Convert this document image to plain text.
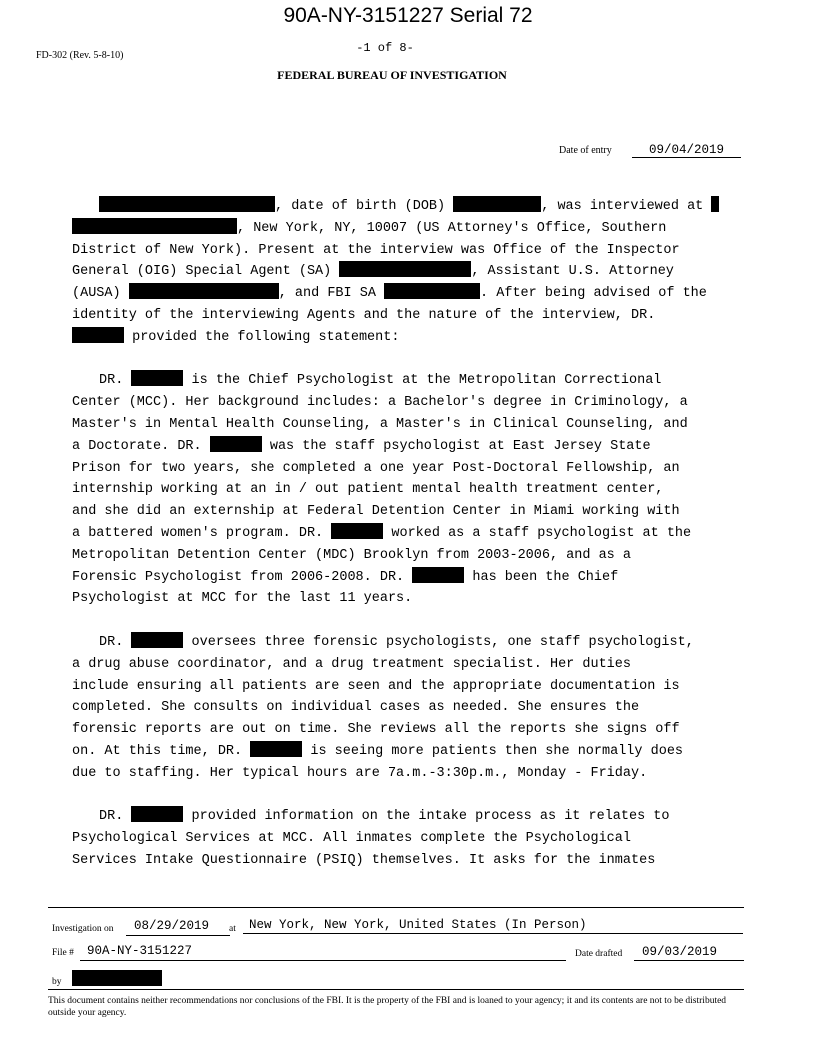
90A-NY-3151227 Serial 72
FD-302 (Rev. 5-8-10)
-1 of 8-
FEDERAL BUREAU OF INVESTIGATION
Date of entry	09/04/2019

, date of birth (DOB)	, was interviewed at

, New York, NY, 10007 (US Attorney's Office, Southern

District of New York). Present at the interview was Office of the Inspector

General (OIG) Special Agent (SA)	, Assistant U.S. Attorney

(AUSA)	, and FBI SA	. After being advised of the

identity of the interviewing Agents and the nature of the interview, DR.

provided the following statement:

DR.	is the Chief Psychologist at the Metropolitan Correctional

Center (MCC). Her background includes: a Bachelor's degree in Criminology, a

Master's in Mental Health Counseling, a Master's in Clinical Counseling, and

a Doctorate. DR.	was the staff psychologist at East Jersey State

Prison for two years, she completed a one year Post-Doctoral Fellowship, an

internship working at an in / out patient mental health treatment center,

and she did an externship at Federal Detention Center in Miami working with

a battered women's program. DR.	worked as a staff psychologist at the

Metropolitan Detention Center (MDC) Brooklyn from 2003-2006, and as a

Forensic Psychologist from 2006-2008. DR.	has been the Chief

Psychologist at MCC for the last 11 years.

DR.	oversees three forensic psychologists, one staff psychologist,

a drug abuse coordinator, and a drug treatment specialist. Her duties

include ensuring all patients are seen and the appropriate documentation is

completed. She consults on individual cases as needed. She ensures the

forensic reports are out on time. She reviews all the reports she signs off

on. At this time, DR.	is seeing more patients then she normally does

due to staffing. Her typical hours are 7a.m.-3:30p.m., Monday - Friday.

DR.	provided information on the intake process as it relates to

Psychological Services at MCC. All inmates complete the Psychological

Services Intake Questionnaire (PSIQ) themselves. It asks for the inmates

Investigation on	08/29/2019	at	New York, New York, United States (In Person)
File #	90A-NY-3151227	Date drafted	09/03/2019
by
This document contains neither recommendations nor conclusions of the FBI. It is the property of the FBI and is loaned to your agency; it and its contents are not to be distributed outside your agency.
